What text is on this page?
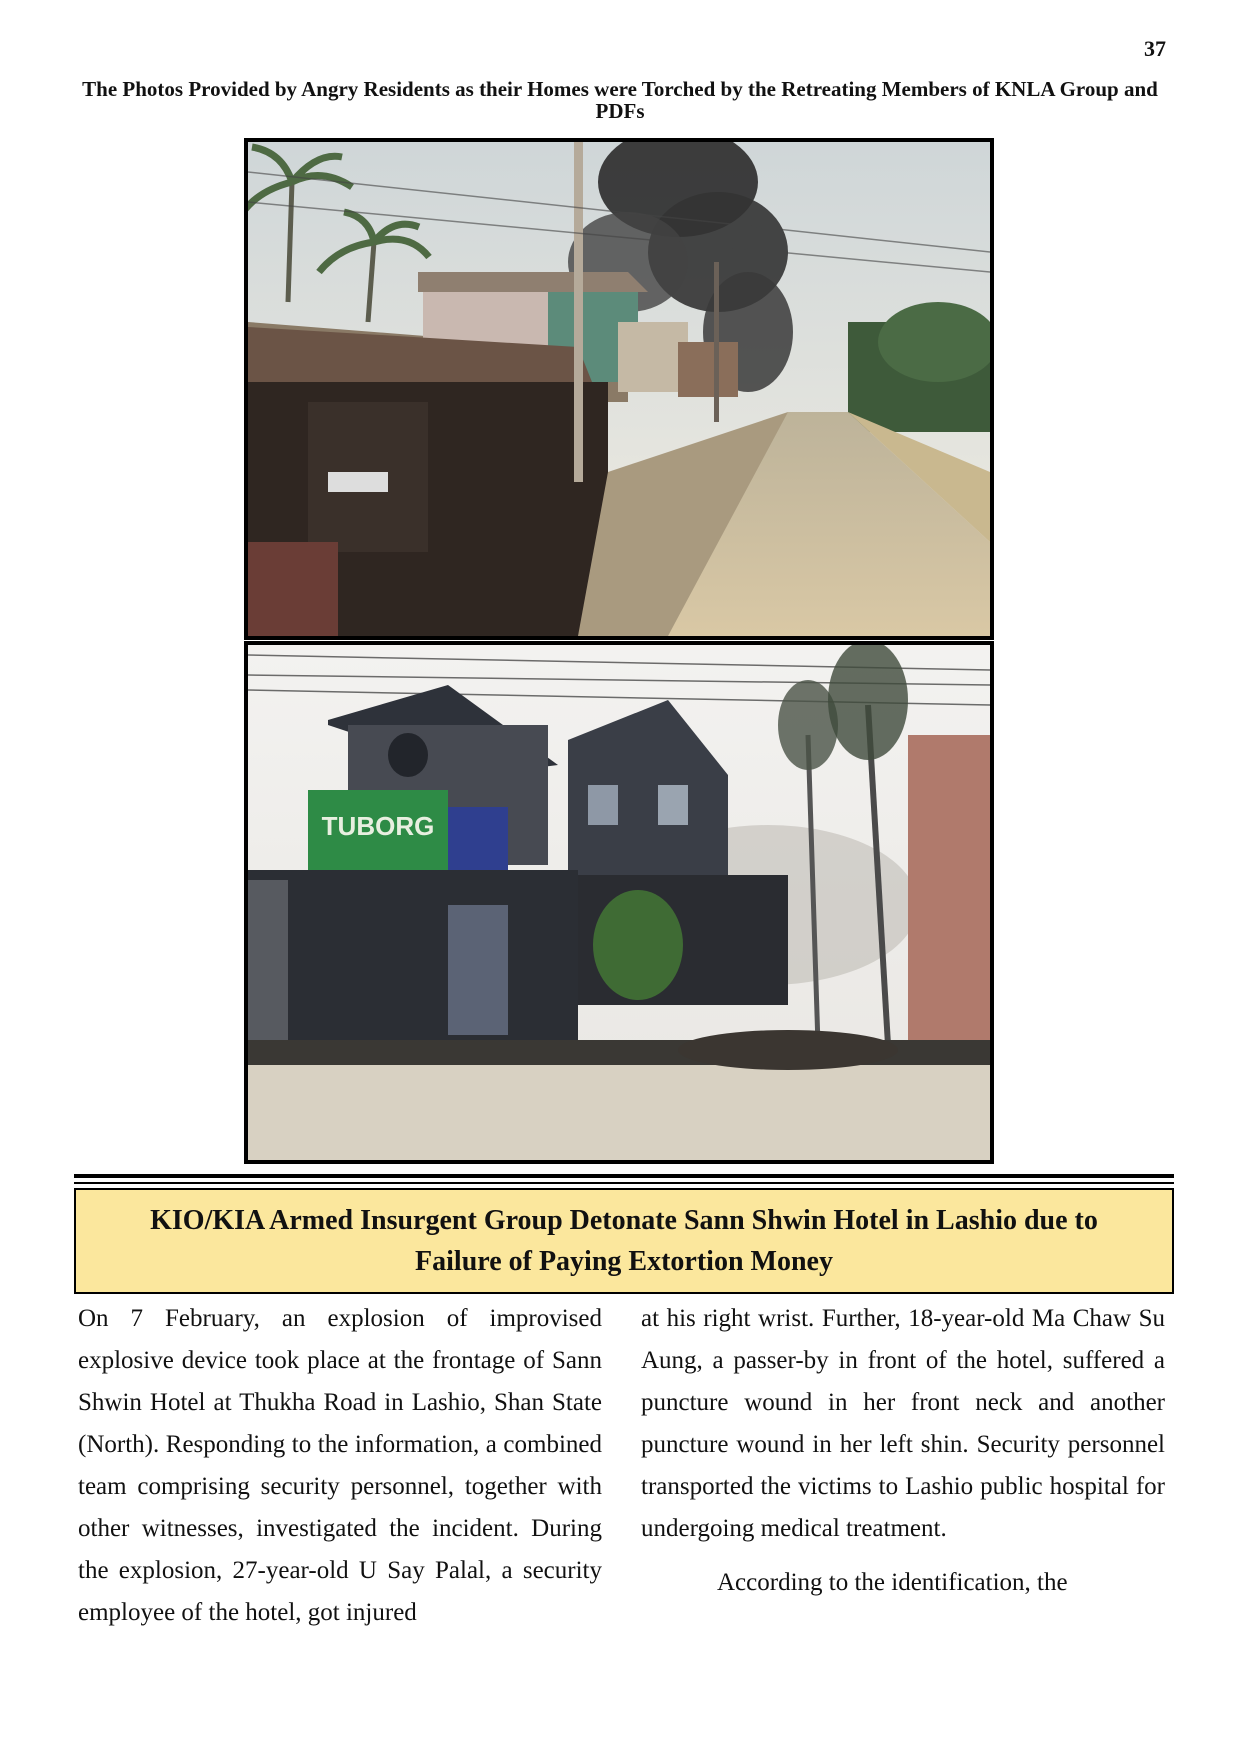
37
The Photos Provided by Angry Residents as their Homes were Torched by the Retreating Members of KNLA Group and PDFs
TUBORG
KIO/KIA Armed Insurgent Group Detonate Sann Shwin Hotel in Lashio due to Failure of Paying Extortion Money

On 7 February, an explosion of improvised explosive device took place at the frontage of Sann Shwin Hotel at Thukha Road in Lashio, Shan State (North). Responding to the information, a combined team comprising security personnel, together with other witnesses, investigated the incident. During the explosion, 27-year-old U Say Palal, a security employee of the hotel, got injured

at his right wrist. Further, 18-year-old Ma Chaw Su Aung, a passer-by in front of the hotel, suffered a puncture wound in her front neck and another puncture wound in her left shin. Security personnel transported the victims to Lashio public hospital for undergoing medical treatment.

According to the identification, the
